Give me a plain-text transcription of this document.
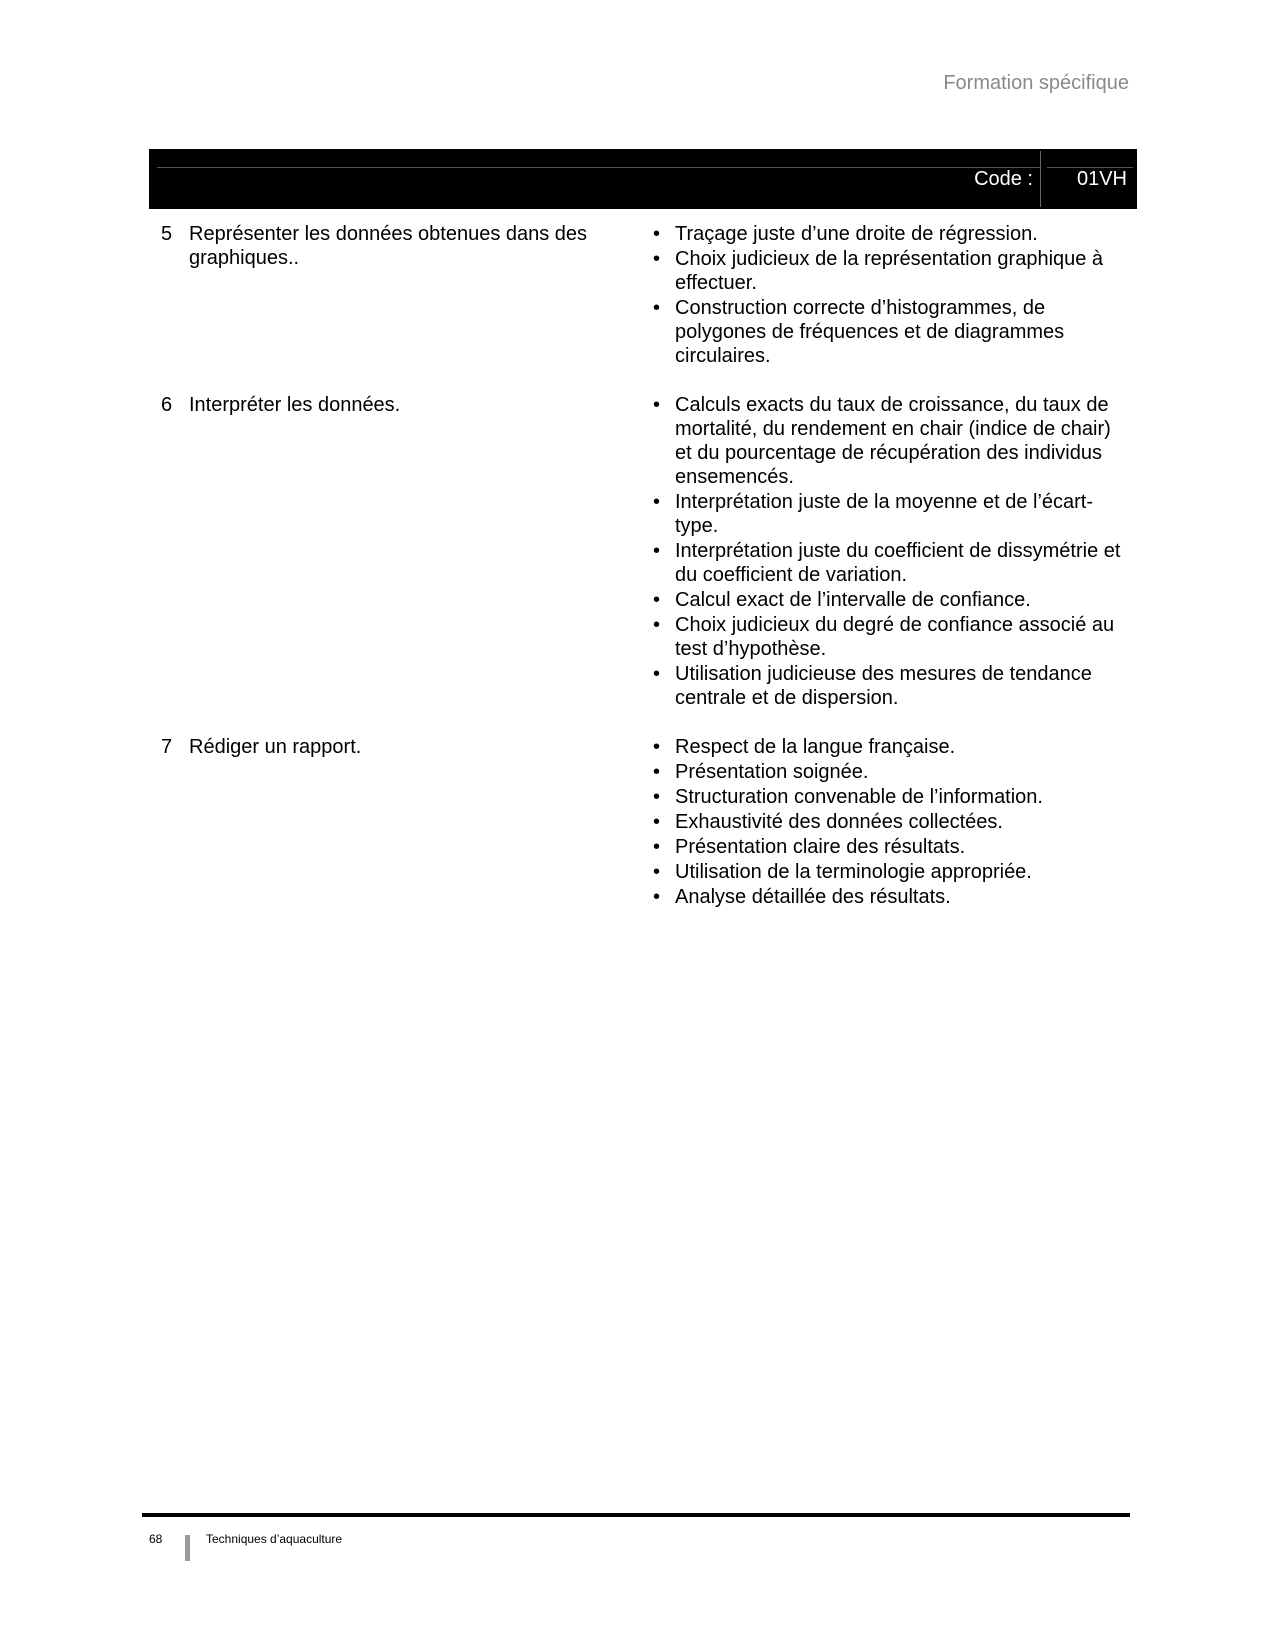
Formation spécifique
Code : 01VH
5 Représenter les données obtenues dans des graphiques..
• Traçage juste d’une droite de régression.
• Choix judicieux de la représentation graphique à effectuer.
• Construction correcte d’histogrammes, de polygones de fréquences et de diagrammes circulaires.
6 Interpréter les données.	• Calculs exacts du taux de croissance, du taux de mortalité, du rendement en chair (indice de chair) et du pourcentage de récupération des individus ensemencés.
• Interprétation juste de la moyenne et de l’écart-type.
• Interprétation juste du coefficient de dissymétrie et du coefficient de variation.
• Calcul exact de l’intervalle de confiance.
• Choix judicieux du degré de confiance associé au test d’hypothèse.
• Utilisation judicieuse des mesures de tendance centrale et de dispersion.
7 Rédiger un rapport.	• Respect de la langue française.
• Présentation soignée.
• Structuration convenable de l’information.
• Exhaustivité des données collectées.
• Présentation claire des résultats.
• Utilisation de la terminologie appropriée.
• Analyse détaillée des résultats.
68	Techniques d’aquaculture
